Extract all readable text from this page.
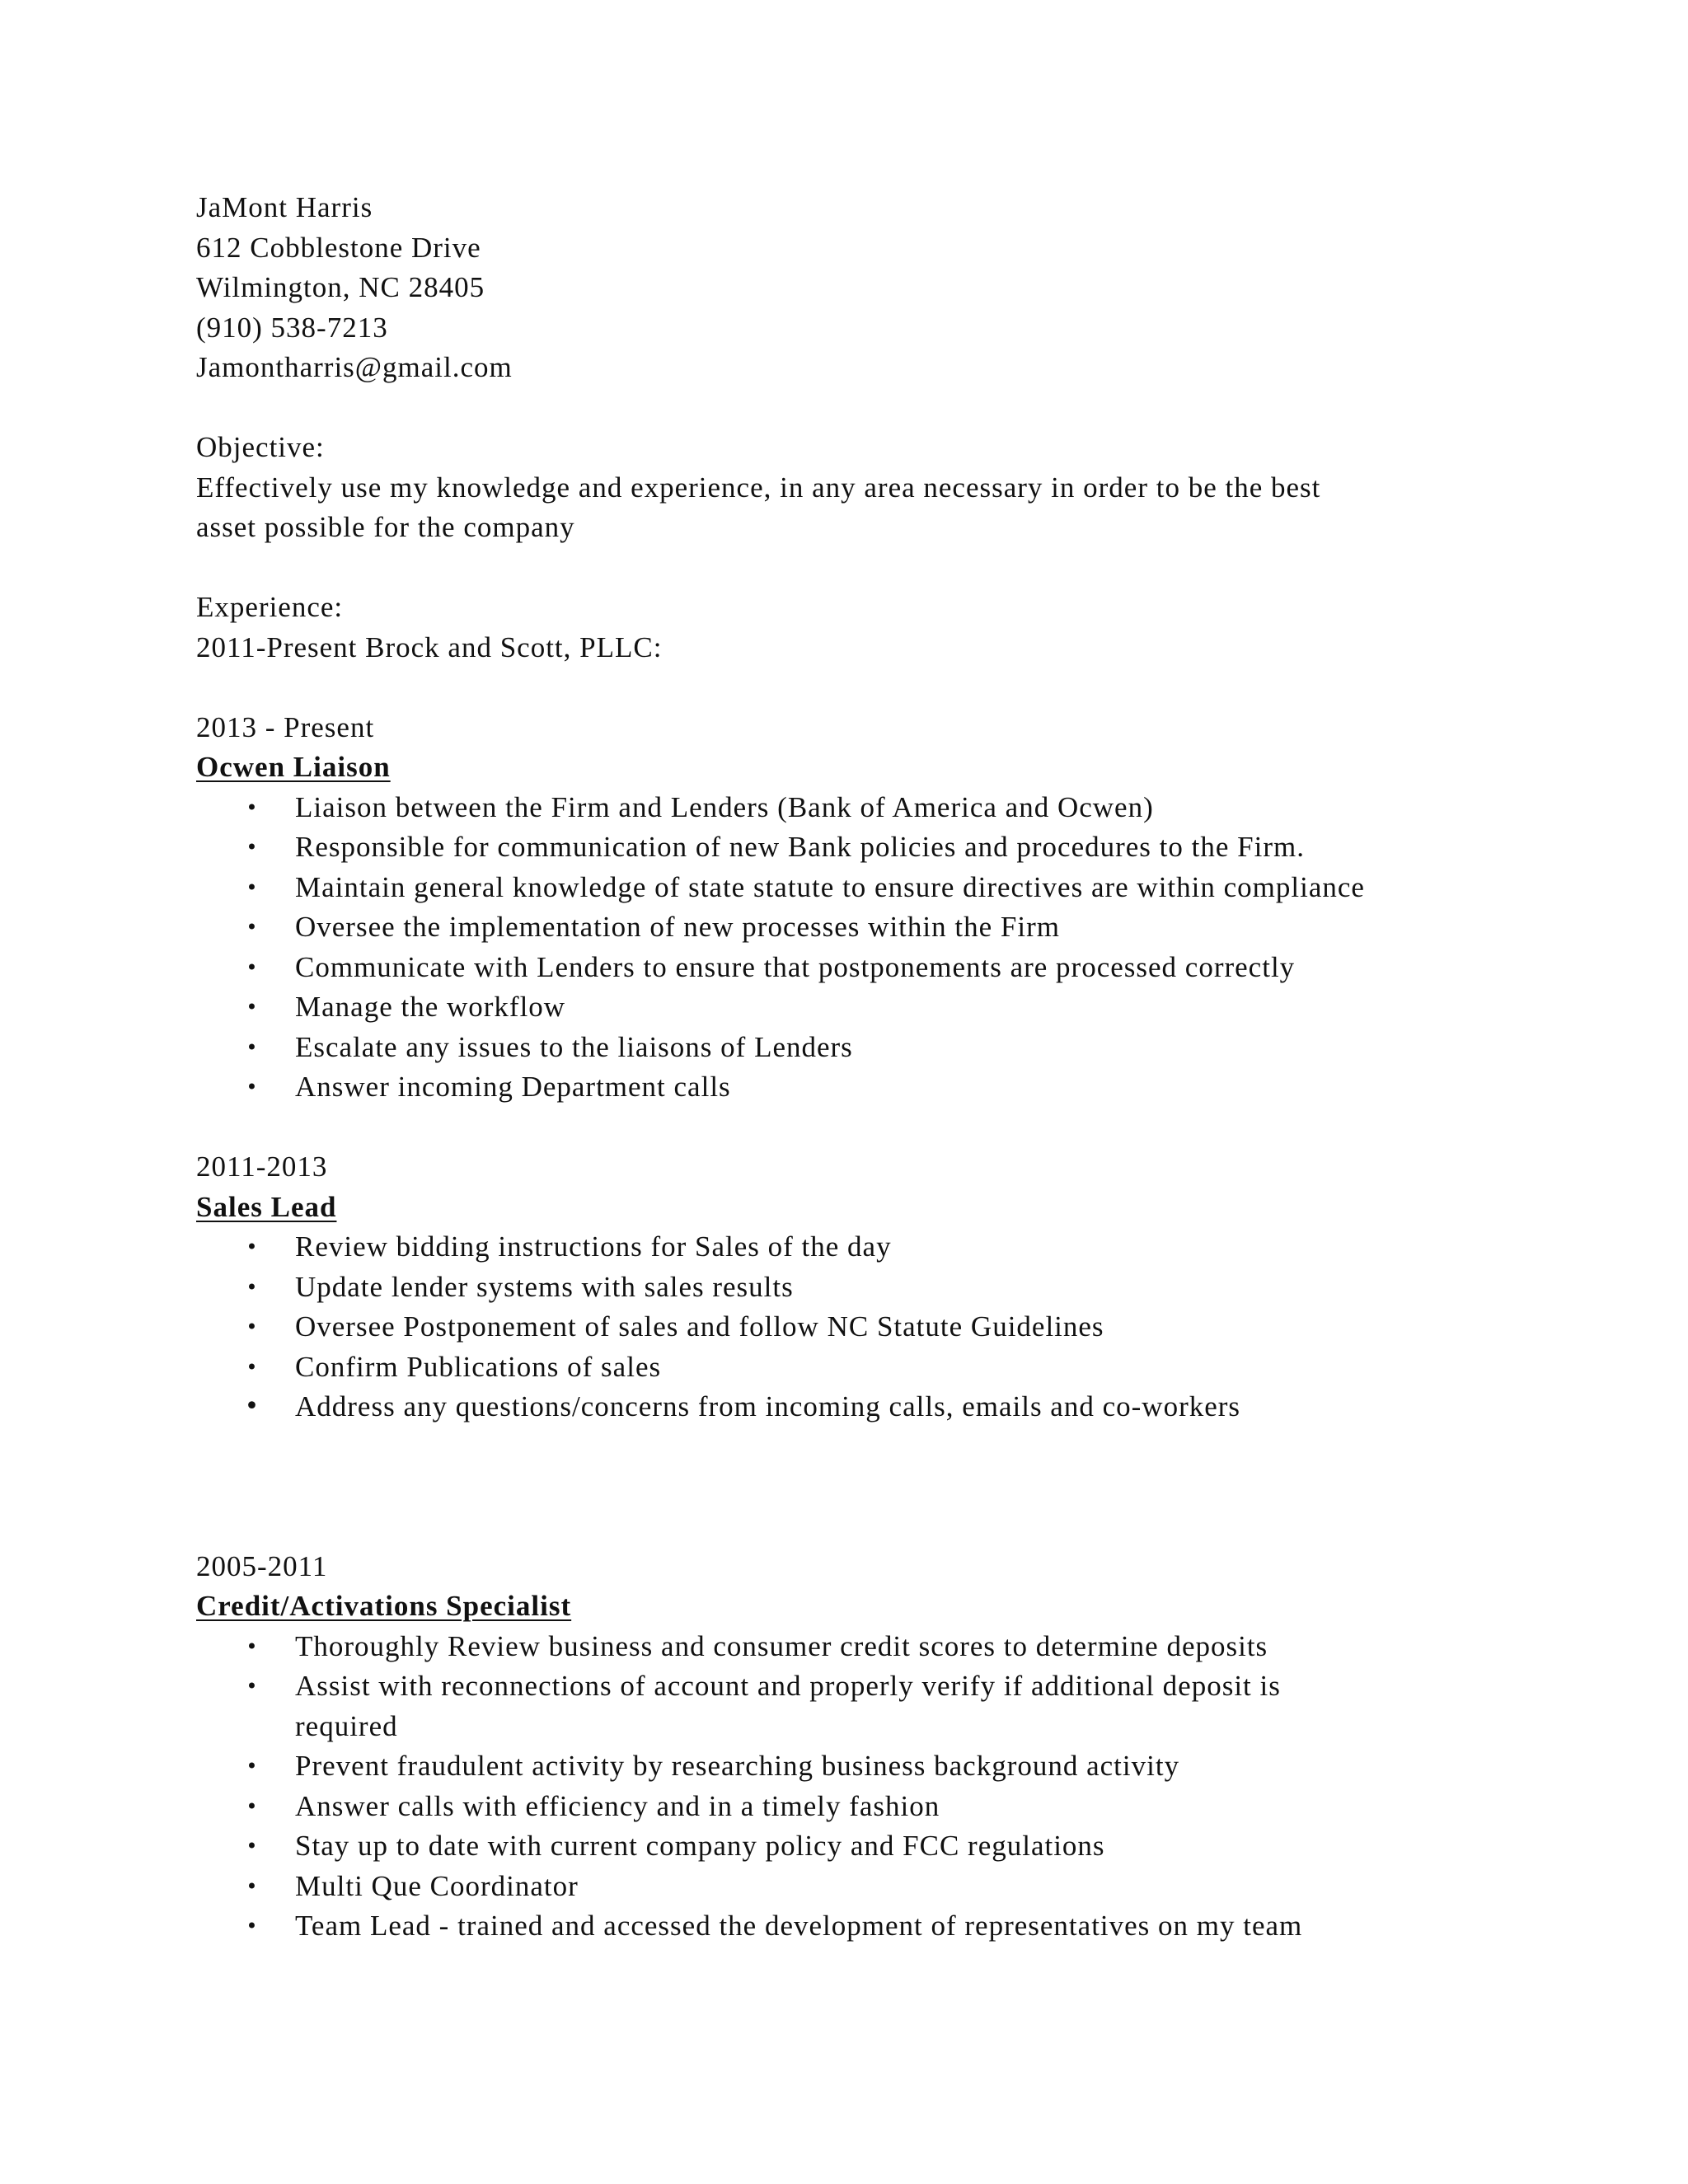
JaMont Harris
612 Cobblestone Drive
Wilmington, NC 28405
(910) 538-7213
Jamontharris@gmail.com
Objective:
Effectively use my knowledge and experience, in any area necessary in order to be the best
asset possible for the company
Experience:
2011-Present Brock and Scott, PLLC:
2013 - Present
Ocwen Liaison
• Liaison between the Firm and Lenders (Bank of America and Ocwen)
• Responsible for communication of new Bank policies and procedures to the Firm.
• Maintain general knowledge of state statute to ensure directives are within compliance
• Oversee the implementation of new processes within the Firm
• Communicate with Lenders to ensure that postponements are processed correctly
• Manage the workflow
• Escalate any issues to the liaisons of Lenders
• Answer incoming Department calls
2011-2013
Sales Lead
• Review bidding instructions for Sales of the day
• Update lender systems with sales results
• Oversee Postponement of sales and follow NC Statute Guidelines
• Confirm Publications of sales
• Address any questions/concerns from incoming calls, emails and co-workers
2005-2011
Credit/Activations Specialist
• Thoroughly Review business and consumer credit scores to determine deposits
• Assist with reconnections of account and properly verify if additional deposit is required
• Prevent fraudulent activity by researching business background activity
• Answer calls with efficiency and in a timely fashion
• Stay up to date with current company policy and FCC regulations
• Multi Que Coordinator
• Team Lead - trained and accessed the development of representatives on my team
